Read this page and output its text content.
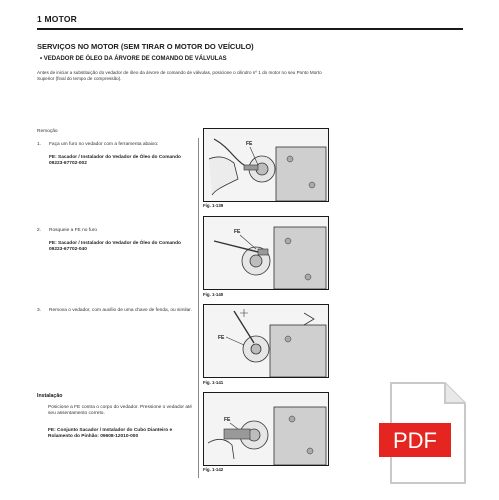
1 MOTOR
SERVIÇOS NO MOTOR (SEM TIRAR O MOTOR DO VEÍCULO)
• VEDADOR DE ÓLEO DA ÁRVORE DE COMANDO DE VÁLVULAS
Antes de iniciar a substituição do vedador de óleo da árvore de comando de válvulas, posicione o cilindro nº 1 do motor no seu Ponto Morto Superior (final do tempo de compressão).
Remoção
1. Faça um furo no vedador com a ferramenta abaixo:
FE: Sacador / Instalador do Vedador de Óleo do Comando
09223-67702-002
2. Rosqueie a FE no furo
FE: Sacador / Instalador do Vedador de Óleo do Comando
09223-67702-040
3. Remova o vedador, com auxílio de uma chave de fenda, ou similar.
FE
Fig. 1-139
FE
Fig. 1-140
FE
Fig. 1-141
Instalação
Posicione a FE contra o corpo do vedador. Pressione o vedador até seu assentamento correto.
FE: Conjunto Sacador / Instalador do Cubo Dianteiro e Rolamento do Pinhão: 09608-12010-000
FE
Fig. 1-142
PDF
